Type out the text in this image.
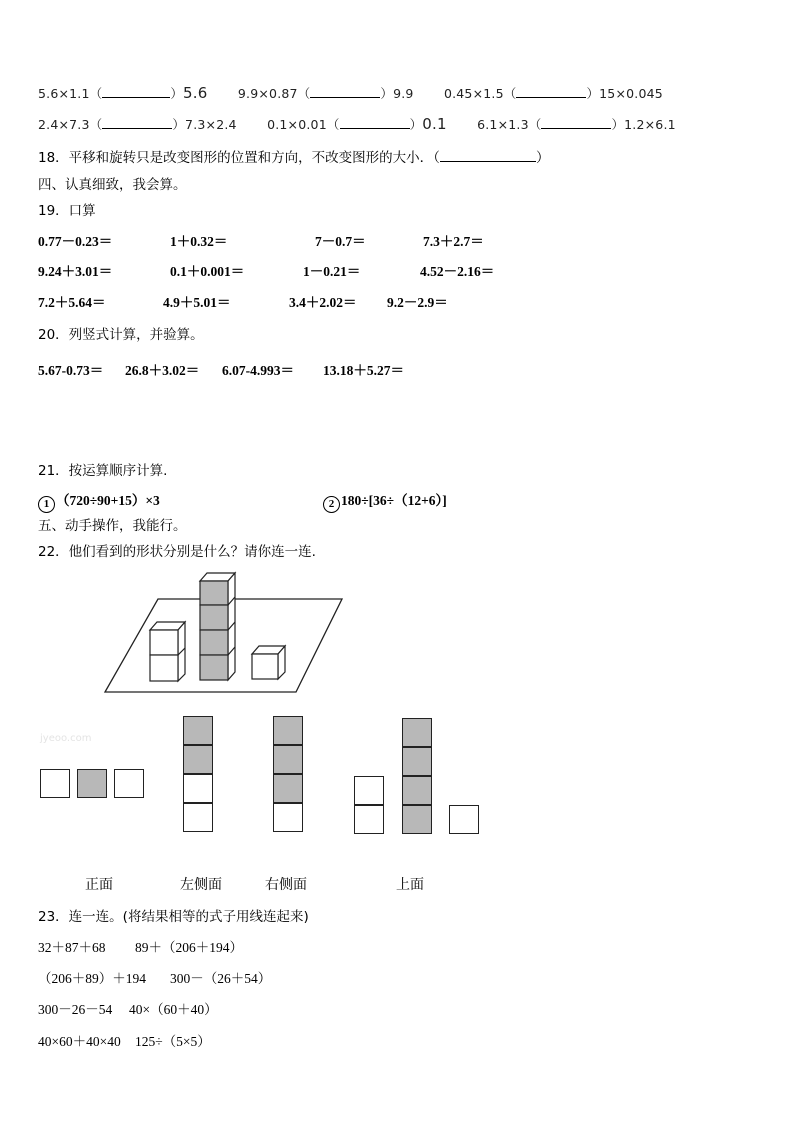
5.6×1.1（	）5.6 9.9×0.87（	）9.9 0.45×1.5（	）15×0.045
2.4×7.3（	）7.3×2.4 0.1×0.01（	）0.1 6.1×1.3（	）1.2×6.1
18．平移和旋转只是改变图形的位置和方向，不改变图形的大小．（	）
四、认真细致，我会算。
19．口算
0.77－0.23＝	1＋0.32＝	7－0.7＝	7.3＋2.7＝
9.24＋3.01＝	0.1＋0.001＝	1－0.21＝	4.52－2.16＝
7.2＋5.64＝	4.9＋5.01＝	3.4＋2.02＝ 9.2－2.9＝
20．列竖式计算，并验算。
5.67-0.73＝ 26.8＋3.02＝ 6.07-4.993＝ 13.18＋5.27＝
21．按运算顺序计算.
1 （720÷90+15）×3	2 180÷[36÷（12+6）]
五、动手操作，我能行。
22．他们看到的形状分别是什么？请你连一连.
jyeoo.com
正面	左侧面	右侧面	上面
23．连一连。(将结果相等的式子用线连起来)
32＋87＋68 89＋（206＋194）
（206＋89）＋194 300－（26＋54）
300－26－54 40×（60＋40）
40×60＋40×40 125÷（5×5）
